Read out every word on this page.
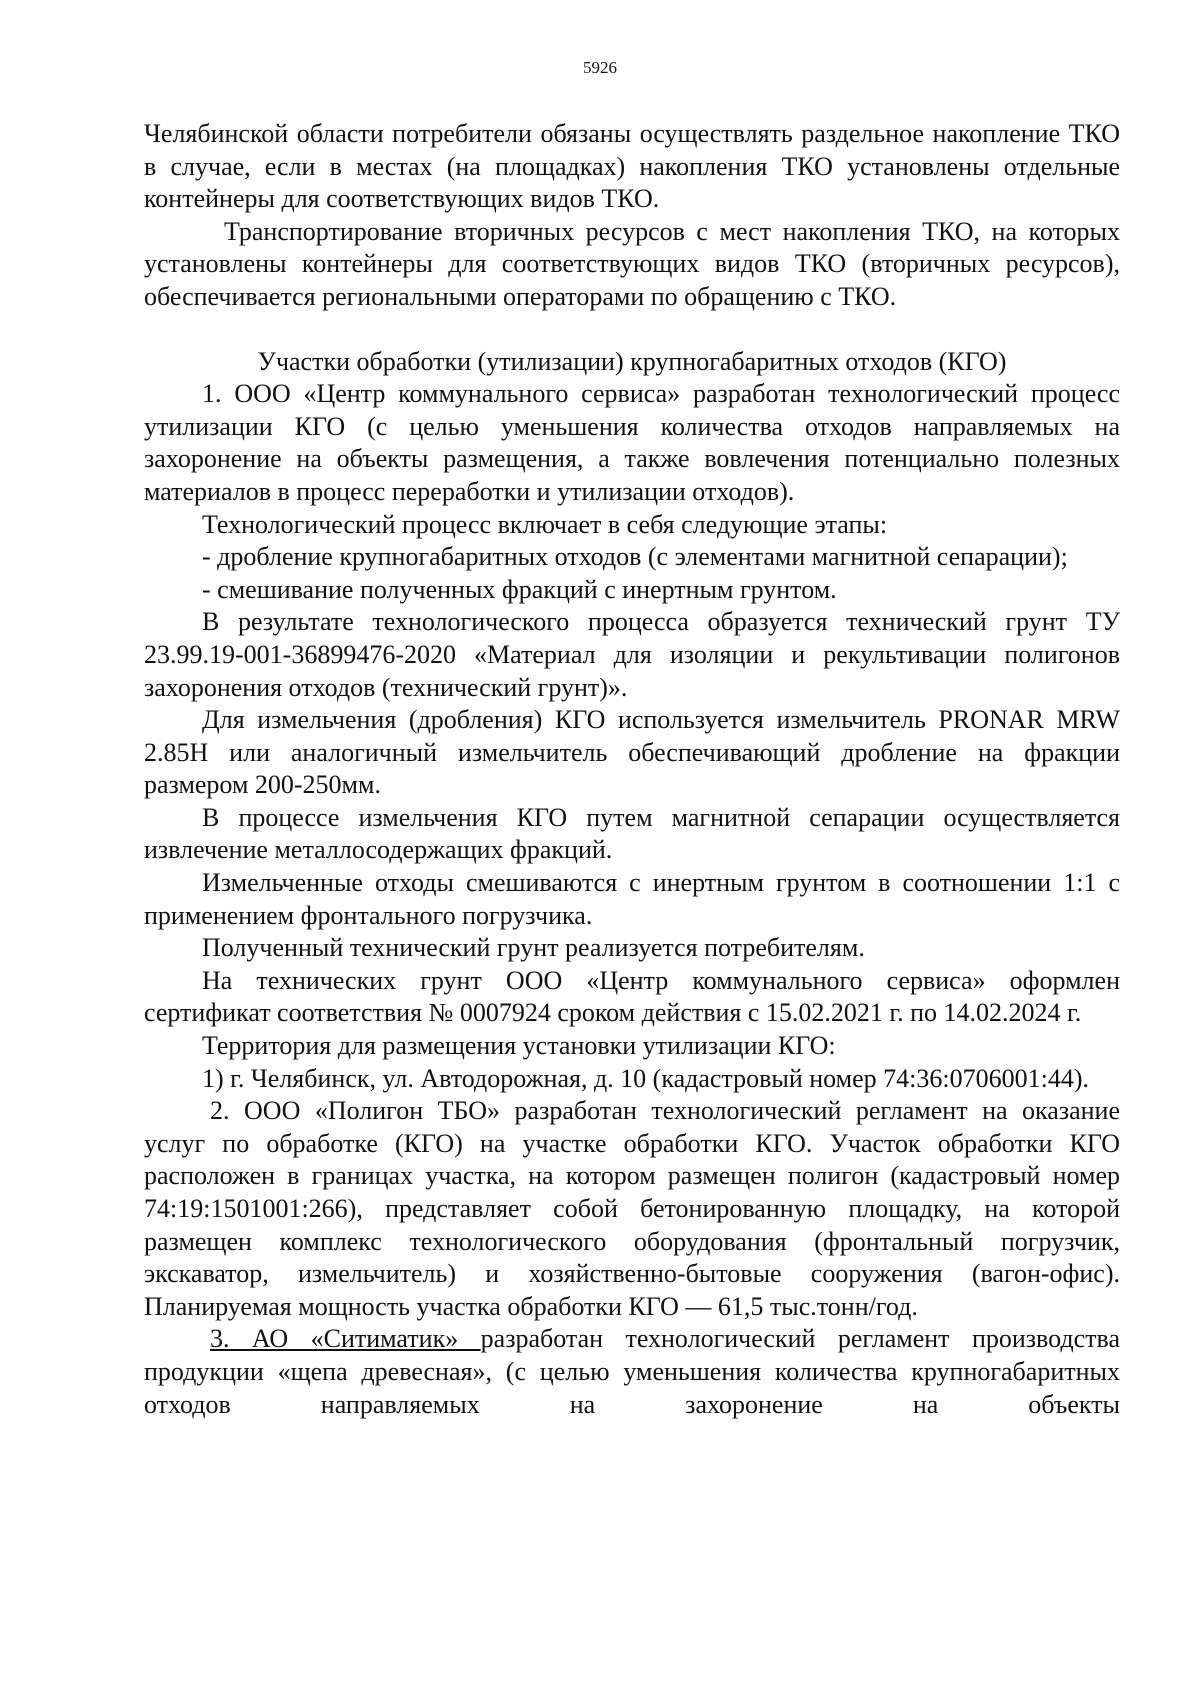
5926

Челябинской области потребители обязаны осуществлять раздельное накопление ТКО в случае, если в местах (на площадках) накопления ТКО установлены отдельные контейнеры для соответствующих видов ТКО.

Транспортирование вторичных ресурсов с мест накопления ТКО, на которых установлены контейнеры для соответствующих видов ТКО (вторичных ресурсов), обеспечивается региональными операторами по обращению с ТКО.

Участки обработки (утилизации) крупногабаритных отходов (КГО)

1. ООО «Центр коммунального сервиса» разработан технологический процесс утилизации КГО (с целью уменьшения количества отходов направляемых на захоронение на объекты размещения, а также вовлечения потенциально полезных материалов в процесс переработки и утилизации отходов).

Технологический процесс включает в себя следующие этапы:

- дробление крупногабаритных отходов (с элементами магнитной сепарации);

- смешивание полученных фракций с инертным грунтом.

В результате технологического процесса образуется технический грунт ТУ 23.99.19-001-36899476-2020 «Материал для изоляции и рекультивации полигонов захоронения отходов (технический грунт)».

Для измельчения (дробления) КГО используется измельчитель PRONAR MRW 2.85H или аналогичный измельчитель обеспечивающий дробление на фракции размером 200-250мм.

В процессе измельчения КГО путем магнитной сепарации осуществляется извлечение металлосодержащих фракций.

Измельченные отходы смешиваются с инертным грунтом в соотношении 1:1 с применением фронтального погрузчика.

Полученный технический грунт реализуется потребителям.

На технических грунт ООО «Центр коммунального сервиса» оформлен сертификат соответствия № 0007924 сроком действия с 15.02.2021 г. по 14.02.2024 г.

Территория для размещения установки утилизации КГО:

1) г. Челябинск, ул. Автодорожная, д. 10 (кадастровый номер 74:36:0706001:44).

2. ООО «Полигон ТБО» разработан технологический регламент на оказание услуг по обработке (КГО) на участке обработки КГО. Участок обработки КГО расположен в границах участка, на котором размещен полигон (кадастровый номер 74:19:1501001:266), представляет собой бетонированную площадку, на которой размещен комплекс технологического оборудования (фронтальный погрузчик, экскаватор, измельчитель) и хозяйственно-бытовые сооружения (вагон-офис). Планируемая мощность участка обработки КГО — 61,5 тыс.тонн/год.

3. АО «Ситиматик» разработан технологический регламент производства продукции «щепа древесная», (с целью уменьшения количества крупногабаритных отходов направляемых на захоронение на объекты
